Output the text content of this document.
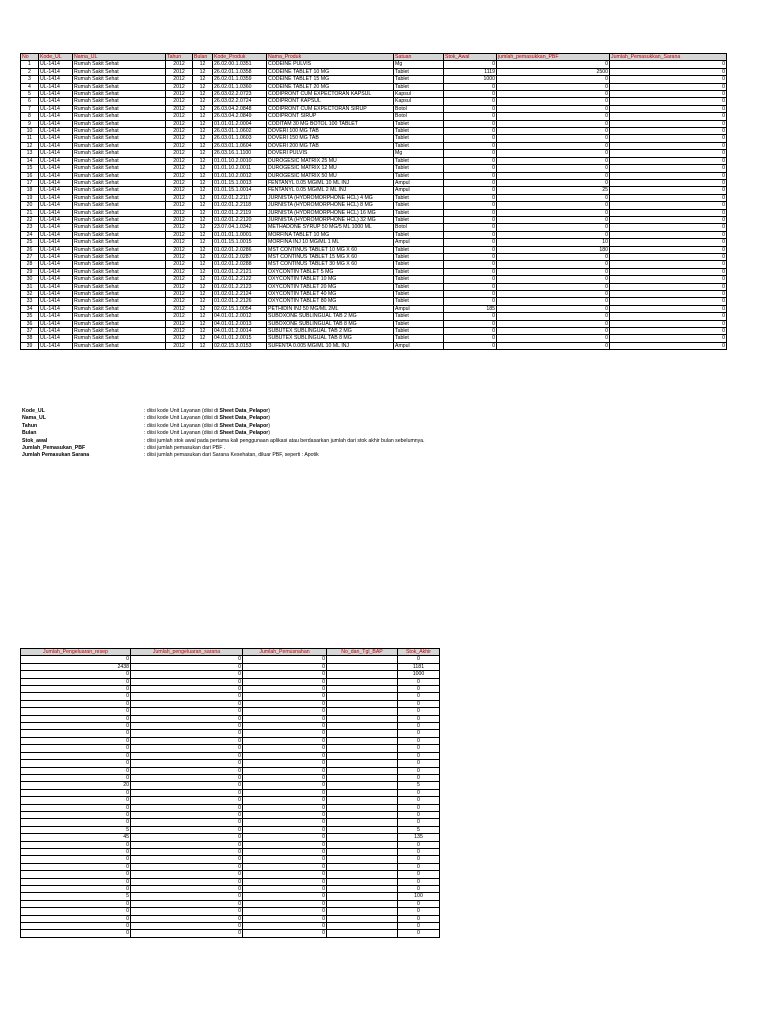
No	Kode_UL	Nama_UL	Tahun	Bulan	Kode_Produk	Nama_Produk	Satuan	Stok_Awal	jumlah_pemasukkan_PBF	Jumlah_Pemasukkan_Sarana
1	UL-1414	Rumah Sakit Sehat	2012	12	26.02.00.1.0351	CODEINE PULVIS	Mg	0	0	0
2	UL-1414	Rumah Sakit Sehat	2012	12	26.02.01.1.0358	CODEINE TABLET 10 MG	Tablet	1119	2500	0
3	UL-1414	Rumah Sakit Sehat	2012	12	26.02.01.1.0359	CODEINE TABLET 15 MG	Tablet	1000	0	0
4	UL-1414	Rumah Sakit Sehat	2012	12	26.02.01.1.0360	CODEINE TABLET 20 MG	Tablet	0	0	0
5	UL-1414	Rumah Sakit Sehat	2012	12	26.03.02.2.0723	CODIPRONT CUM EXPECTORAN KAPSUL	Kapsul	0	0	0
6	UL-1414	Rumah Sakit Sehat	2012	12	26.03.02.2.0724	CODIPRONT KAPSUL	Kapsul	0	0	0
7	UL-1414	Rumah Sakit Sehat	2012	12	26.03.04.2.0848	CODIPRONT CUM EXPECTORAN SIRUP	Botol	0	0	0
8	UL-1414	Rumah Sakit Sehat	2012	12	26.03.04.2.0849	CODIPRONT SIRUP	Botol	0	0	0
9	UL-1414	Rumah Sakit Sehat	2012	12	01.01.01.2.0004	CODITAM 30 MG BOTOL 100 TABLET	Tablet	0	0	0
10	UL-1414	Rumah Sakit Sehat	2012	12	26.03.01.1.0602	DOVERI 100 MG TAB	Tablet	0	0	0
11	UL-1414	Rumah Sakit Sehat	2012	12	26.03.01.1.0603	DOVERI 150 MG TAB	Tablet	0	0	0
12	UL-1414	Rumah Sakit Sehat	2012	12	26.03.01.1.0604	DOVERI 200 MG TAB	Tablet	0	0	0
13	UL-1414	Rumah Sakit Sehat	2012	12	26.03.16.1.1100	DOVERI PULVIS	Mg	0	0	0
14	UL-1414	Rumah Sakit Sehat	2012	12	01.01.10.2.0010	DUROGESIC MATRIX 25 MU	Tablet	0	0	0
15	UL-1414	Rumah Sakit Sehat	2012	12	01.01.10.2.0011	DUROGESIC MATRIX 12 MU	Tablet	0	0	0
16	UL-1414	Rumah Sakit Sehat	2012	12	01.01.10.2.0012	DUROGESIC MATRIX 50 MU	Tablet	0	0	0
17	UL-1414	Rumah Sakit Sehat	2012	12	01.01.15.1.0013	FENTANYL 0.05 MG/ML 10 ML INJ	Ampul	0	0	0
18	UL-1414	Rumah Sakit Sehat	2012	12	01.01.15.1.0014	FENTANYL 0.05 MG/ML 2 ML INJ	Ampul	0	25	0
19	UL-1414	Rumah Sakit Sehat	2012	12	01.02.01.2.2117	JURNISTA (HYDROMORPHONE HCL) 4 MG	Tablet	0	0	0
20	UL-1414	Rumah Sakit Sehat	2012	12	01.02.01.2.2118	JURNISTA (HYDROMORPHONE HCL) 8 MG	Tablet	0	0	0
21	UL-1414	Rumah Sakit Sehat	2012	12	01.02.01.2.2119	JURNISTA (HYDROMORPHONE HCL) 16 MG	Tablet	0	0	0
22	UL-1414	Rumah Sakit Sehat	2012	12	01.02.01.2.2120	JURNISTA (HYDROMORPHONE HCL) 32 MG	Tablet	0	0	0
23	UL-1414	Rumah Sakit Sehat	2012	12	23.07.04.1.0342	METHADONE SYRUP 50 MG/5 ML 1000 ML	Botol	0	0	0
24	UL-1414	Rumah Sakit Sehat	2012	12	01.01.01.1.0001	MORFINA TABLET 10 MG	Tablet	0	0	0
25	UL-1414	Rumah Sakit Sehat	2012	12	01.01.15.1.0015	MORFINA INJ 10 MG/ML 1 ML	Ampul	0	10	0
26	UL-1414	Rumah Sakit Sehat	2012	12	01.02.01.2.0286	MST CONTINUS TABLET 10 MG X 60	Tablet	0	180	0
27	UL-1414	Rumah Sakit Sehat	2012	12	01.02.01.2.0287	MST CONTINUS TABLET 15 MG X 60	Tablet	0	0	0
28	UL-1414	Rumah Sakit Sehat	2012	12	01.02.01.2.0288	MST CONTINUS TABLET 30 MG X 60	Tablet	0	0	0
29	UL-1414	Rumah Sakit Sehat	2012	12	01.02.01.2.2121	OXYCONTIN TABLET 5 MG	Tablet	0	0	0
30	UL-1414	Rumah Sakit Sehat	2012	12	01.02.01.2.2122	OXYCONTIN TABLET 10 MG	Tablet	0	0	0
31	UL-1414	Rumah Sakit Sehat	2012	12	01.02.01.2.2123	OXYCONTIN TABLET 20 MG	Tablet	0	0	0
32	UL-1414	Rumah Sakit Sehat	2012	12	01.02.01.2.2124	OXYCONTIN TABLET 40 MG	Tablet	0	0	0
33	UL-1414	Rumah Sakit Sehat	2012	12	01.02.01.2.2126	OXYCONTIN TABLET 80 MG	Tablet	0	0	0
34	UL-1414	Rumah Sakit Sehat	2012	12	02.02.15.1.0054	PETHIDIN INJ 50 MG/ML 2ML	Ampul	185	0	0
35	UL-1414	Rumah Sakit Sehat	2012	12	04.01.01.2.0012	SUBOXONE SUBLINGUAL TAB 2 MG	Tablet	0	0	0
36	UL-1414	Rumah Sakit Sehat	2012	12	04.01.01.2.0013	SUBOXONE SUBLINGUAL TAB 8 MG	Tablet	0	0	0
37	UL-1414	Rumah Sakit Sehat	2012	12	04.01.01.2.0014	SUBUTEX SUBLINGUAL TAB 2 MG	Tablet	0	0	0
38	UL-1414	Rumah Sakit Sehat	2012	12	04.01.01.2.0015	SUBUTEX SUBLINGUAL TAB 8 MG	Tablet	0	0	0
39	UL-1414	Rumah Sakit Sehat	2012	12	02.02.15.3.0153	SUFENTA 0.005 MG/ML 10 ML INJ	Ampul	0	0	0
Kode_UL	: diisi kode Unit Layanan (diisi di Sheet Data_Pelapor)
Nama_UL	: diisi kode Unit Layanan (diisi di Sheet Data_Pelapor)
Tahun	: diisi kode Unit Layanan (diisi di Sheet Data_Pelapor)
Bulan	: diisi kode Unit Layanan (diisi di Sheet Data_Pelapor)
Stok_awal	: diisi jumlah stok awal pada pertama kali penggunaan aplikasi atau berdasarkan jumlah dari stok akhir bulan sebelumnya.
Jumlah_Pemasukan_PBF	: diisi jumlah pemasukan dari PBF .
Jumlah Pemasukan Sarana	: diisi jumlah pemasukan dari Sarana Kesehatan, diluar PBF, seperti : Apotik
Jumlah_Pengeluaran_resep	Jumlah_pengeluaran_sarana	Jumlah_Pemusnahan	No_dan_Tgl_BAP	Stok_Akhir
0	0	0		0
2438	0	0		1181
0	0	0		1000
0	0	0		0
0	0	0		0
0	0	0		0
0	0	0		0
0	0	0		0
0	0	0		0
0	0	0		0
0	0	0		0
0	0	0		0
0	0	0		0
0	0	0		0
0	0	0		0
0	0	0		0
0	0	0		0
20	0	0		5
0	0	0		0
0	0	0		0
0	0	0		0
0	0	0		0
0	0	0		0
5	0	0		5
45	0	0		135
0	0	0		0
0	0	0		0
0	0	0		0
0	0	0		0
0	0	0		0
0	0	0		0
0	0	0		0
5	0	0		100
0	0	0		0
0	0	0		0
0	0	0		0
0	0	0		0
0	0	0		0
